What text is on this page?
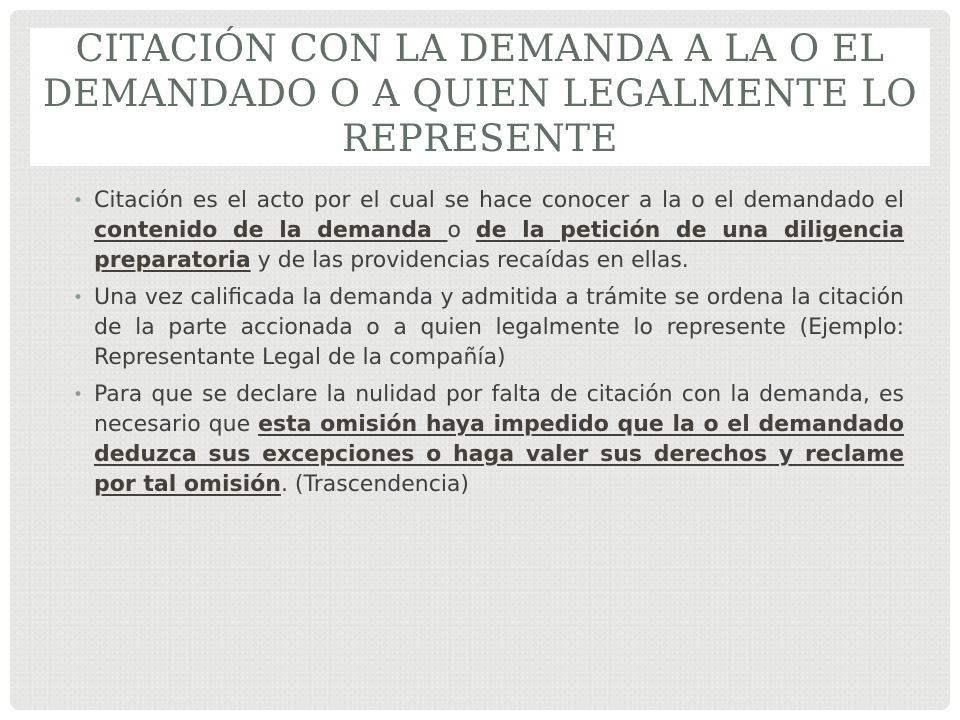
CITACIÓN CON LA DEMANDA A LA O EL DEMANDADO O A QUIEN LEGALMENTE LO REPRESENTE
• Citación es el acto por el cual se hace conocer a la o el demandado el contenido de la demanda o de la petición de una diligencia preparatoria y de las providencias recaídas en ellas.
• Una vez calificada la demanda y admitida a trámite se ordena la citación de la parte accionada o a quien legalmente lo represente (Ejemplo: Representante Legal de la compañía)
• Para que se declare la nulidad por falta de citación con la demanda, es necesario que esta omisión haya impedido que la o el demandado deduzca sus excepciones o haga valer sus derechos y reclame por tal omisión. (Trascendencia)
